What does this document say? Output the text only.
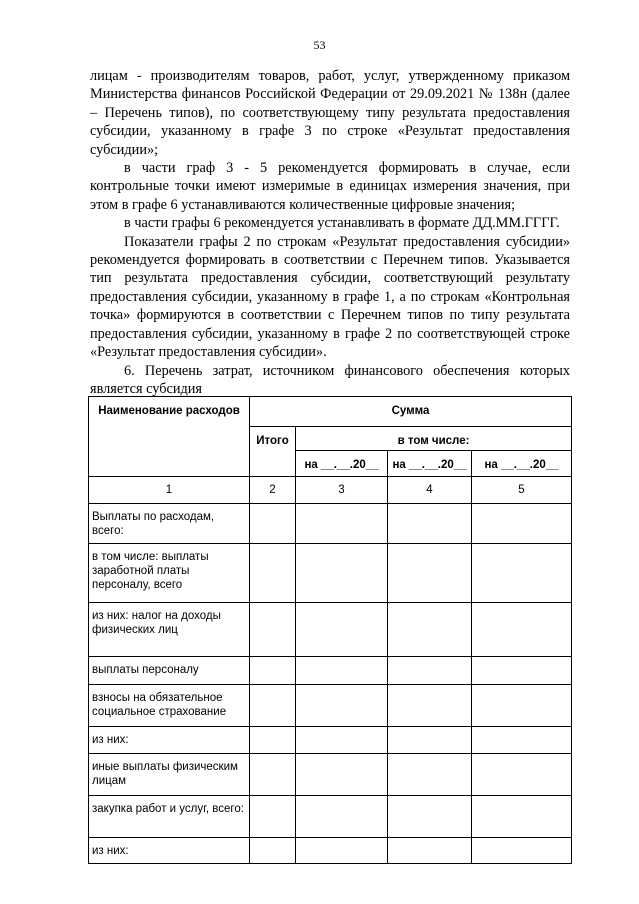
53

лицам - производителям товаров, работ, услуг, утвержденному приказом Министерства финансов Российской Федерации от 29.09.2021 № 138н (далее – Перечень типов), по соответствующему типу результата предоставления субсидии, указанному в графе 3 по строке «Результат предоставления субсидии»;

в части граф 3 - 5 рекомендуется формировать в случае, если контрольные точки имеют измеримые в единицах измерения значения, при этом в графе 6 устанавливаются количественные цифровые значения;

в части графы 6 рекомендуется устанавливать в формате ДД.ММ.ГГГГ.

Показатели графы 2 по строкам «Результат предоставления субсидии» рекомендуется формировать в соответствии с Перечнем типов. Указывается тип результата предоставления субсидии, соответствующий результату предоставления субсидии, указанному в графе 1, а по строкам «Контрольная точка» формируются в соответствии с Перечнем типов по типу результата предоставления субсидии, указанному в графе 2 по соответствующей строке «Результат предоставления субсидии».

6. Перечень затрат, источником финансового обеспечения которых является субсидия

Наименование расходов	Сумма			
	Итого	в том числе:		
		на __.__.20__	на __.__.20__	на __.__.20__
1	2	3	4	5
Выплаты по расходам, всего:				
в том числе: выплаты заработной платы персоналу, всего				
из них: налог на доходы физических лиц				
выплаты персоналу				
взносы на обязательное социальное страхование				
из них:				
иные выплаты физическим лицам				
закупка работ и услуг, всего:				
из них:				
